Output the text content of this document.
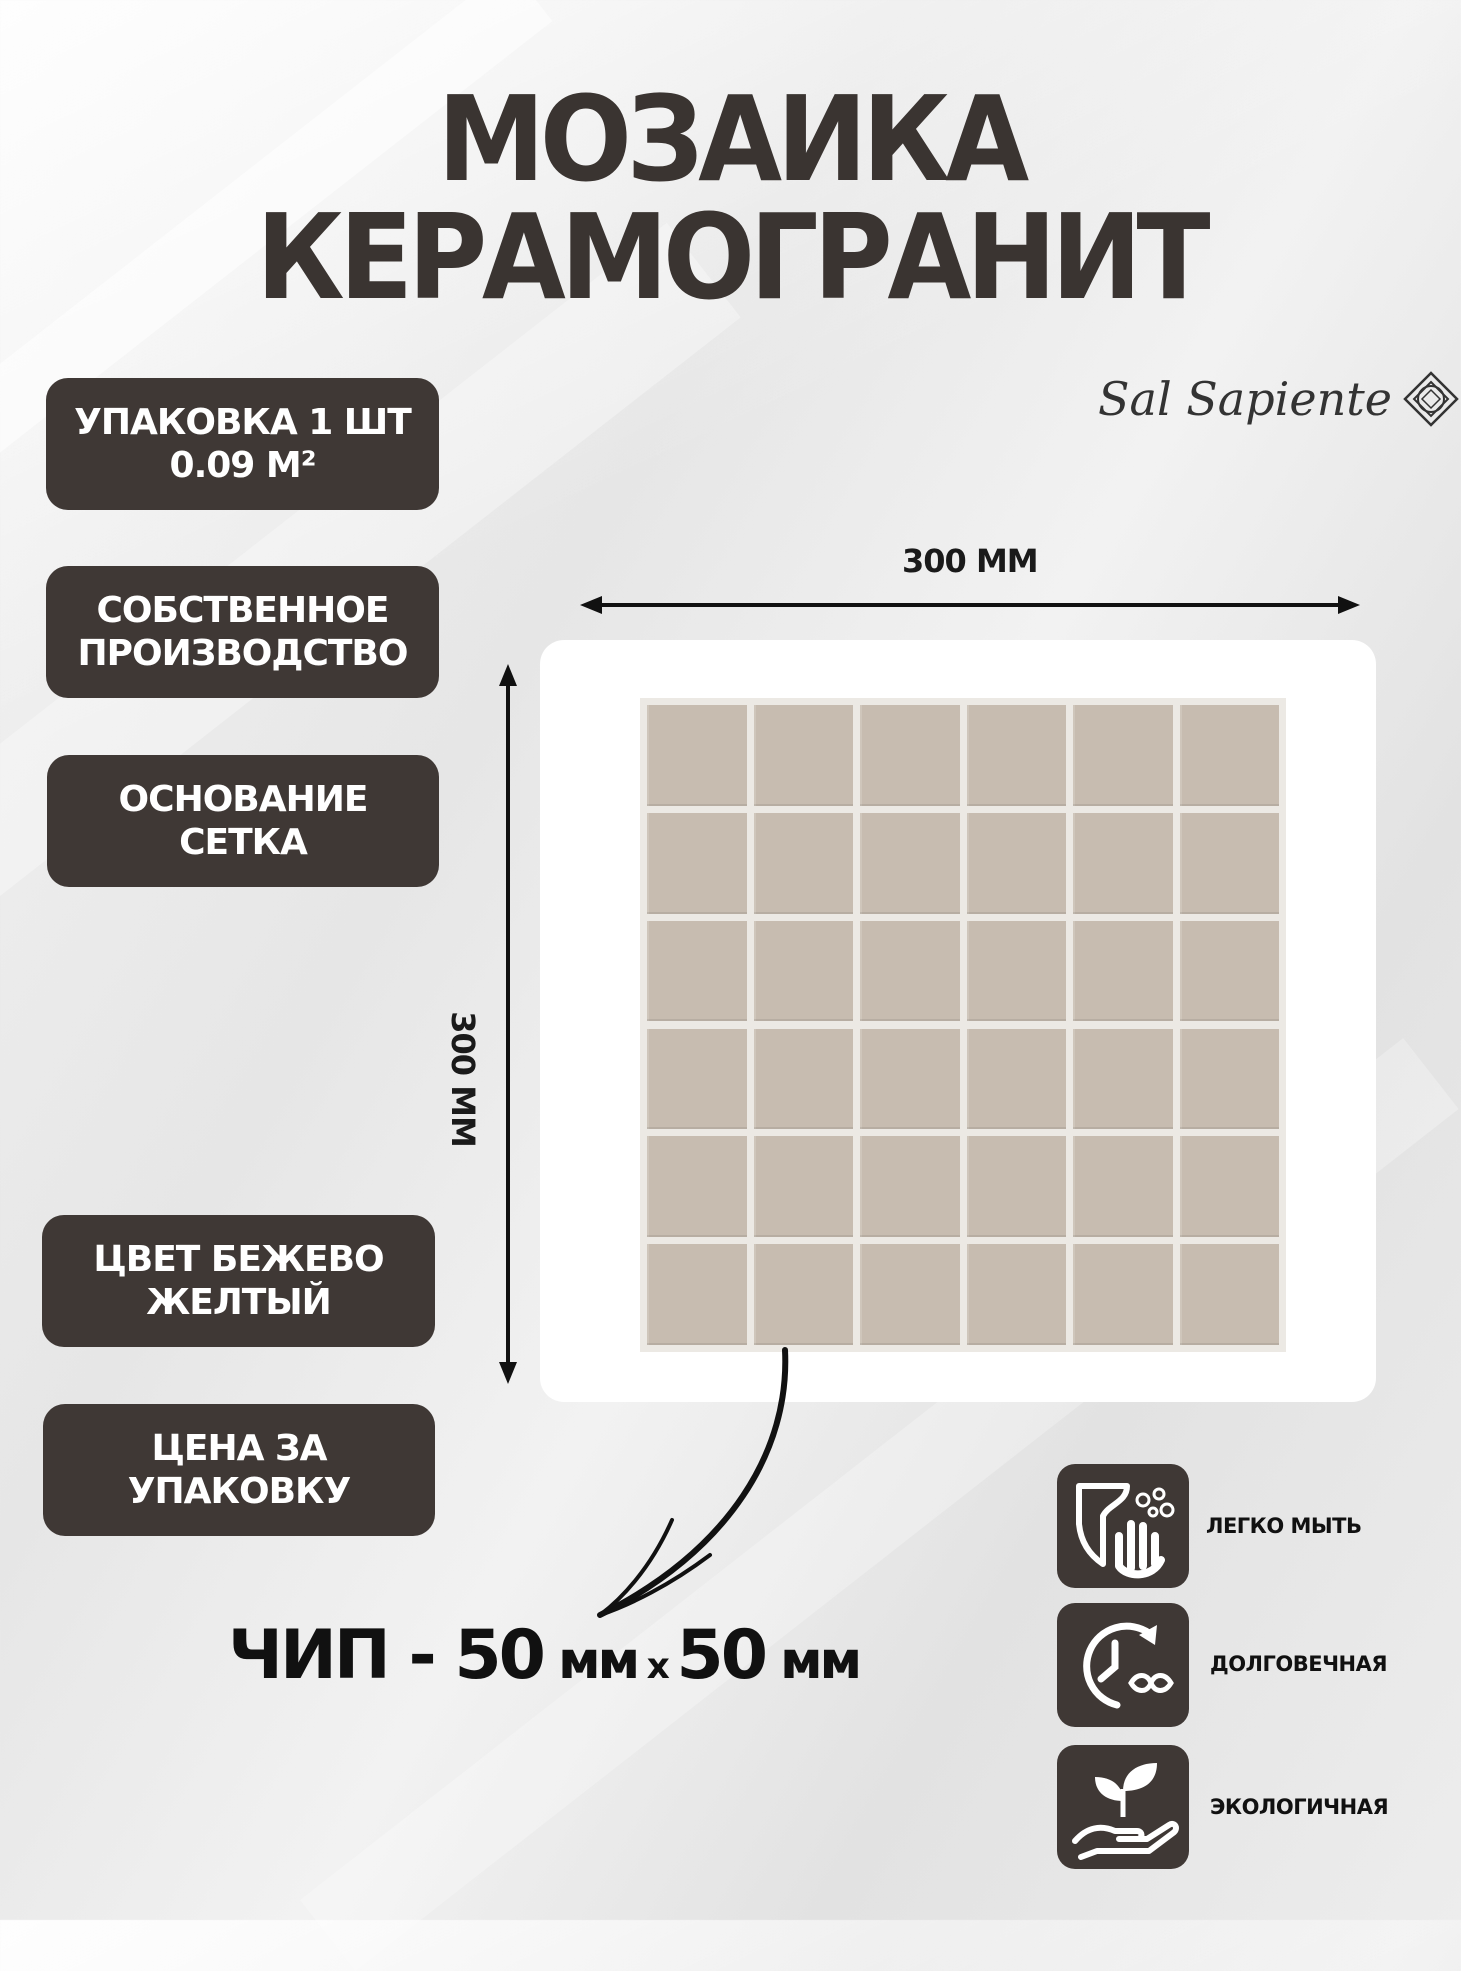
МОЗАИКА
КЕРАМОГРАНИТ
Sal Sapiente
УПАКОВКА 1 ШТ
0.09 М²
СОБСТВЕННОЕ
ПРОИЗВОДСТВО
ОСНОВАНИЕ
СЕТКА
ЦВЕТ БЕЖЕВО
ЖЕЛТЫЙ
ЦЕНА ЗА
УПАКОВКУ
300 ММ
300 ММ
ЧИП - 50 мм х 50 мм
ЛЕГКО МЫТЬ
ДОЛГОВЕЧНАЯ
ЭКОЛОГИЧНАЯ
